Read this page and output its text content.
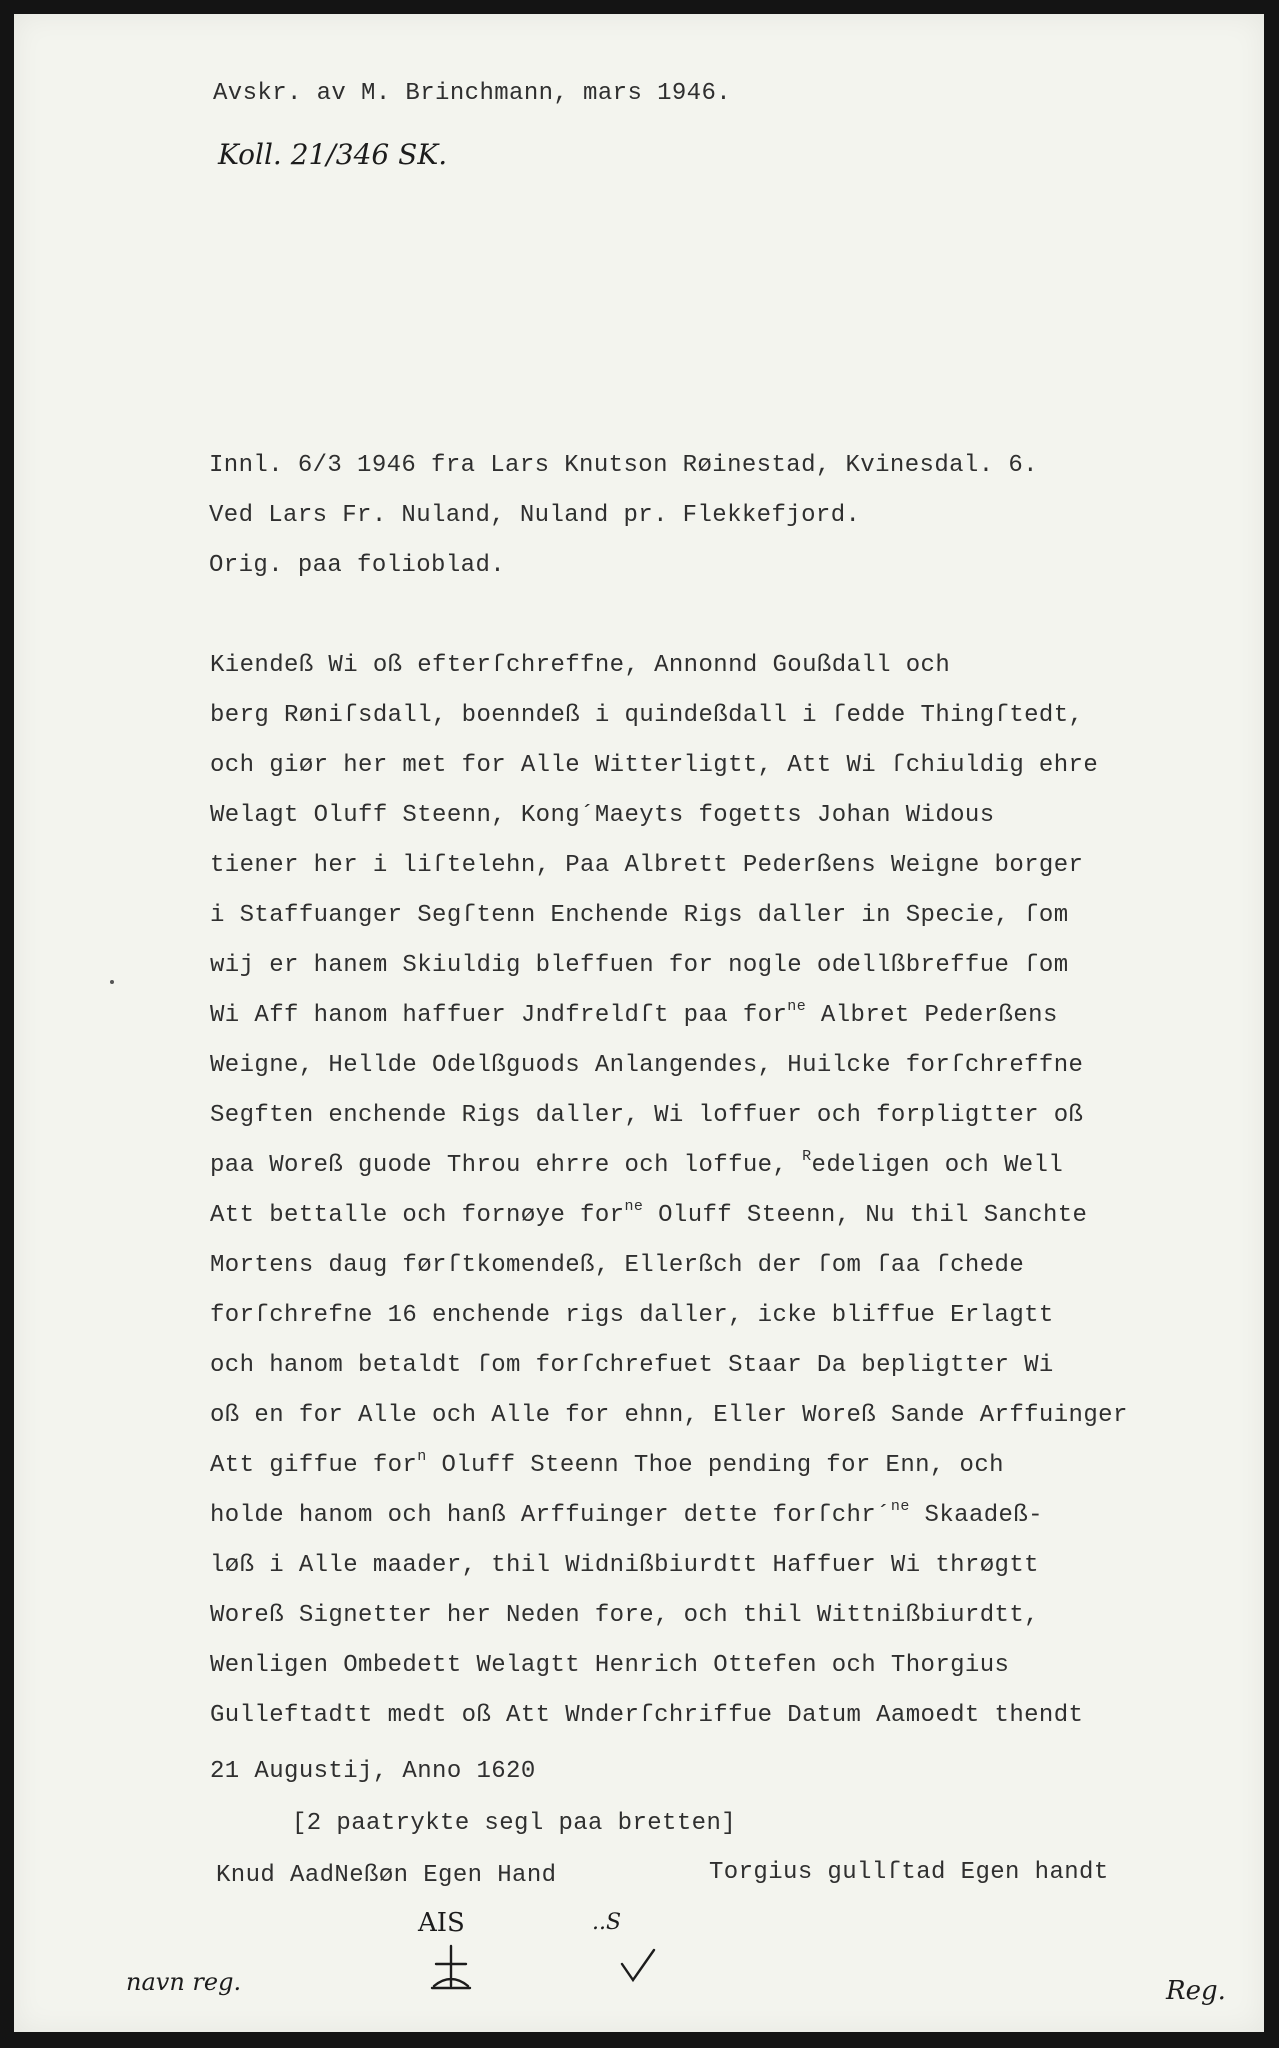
Avskr. av M. Brinchmann, mars 1946.
Koll. 21/346 SK.
Innl. 6/3 1946 fra Lars Knutson Røinestad, Kvinesdal. 6.
Ved Lars Fr. Nuland, Nuland pr. Flekkefjord.
Orig. paa folioblad.
Kiendeß Wi oß efterſchreffne, Annonnd Goußdall och
berg Røniſsdall, boenndeß i quindeßdall i ſedde Thingſtedt,
och giør her met for Alle Witterligtt, Att Wi ſchiuldig ehre
Welagt Oluff Steenn, Kong´Maeyts fogetts Johan Widous
tiener her i liſtelehn, Paa Albrett Pederßens Weigne borger
i Staffuanger Segſtenn Enchende Rigs daller in Specie, ſom
wij er hanem Skiuldig bleffuen for nogle odellßbreffue ſom
Wi Aff hanom haffuer Jndfreldſt paa for$^{ne}$ Albret Pederßens
Weigne, Hellde Odelßguods Anlangendes, Huilcke forſchreffne
Segften enchende Rigs daller, Wi loffuer och forpligtter oß
paa Woreß guode Throu ehrre och loffue, $^R$edeligen och Well
Att bettalle och fornøye for$^{ne}$ Oluff Steenn, Nu thil Sanchte
Mortens daug førſtkomendeß, Ellerßch der ſom ſaa ſchede
forſchrefne 16 enchende rigs daller, icke bliffue Erlagtt
och hanom betaldt ſom forſchrefuet Staar Da bepligtter Wi
oß en for Alle och Alle for ehnn, Eller Woreß Sande Arffuinger
Att giffue for$^n$ Oluff Steenn Thoe pending for Enn, och
holde hanom och hanß Arffuinger dette forſchr´$^{ne}$ Skaadeß-
løß i Alle maader, thil Widnißbiurdtt Haffuer Wi thrøgtt
Woreß Signetter her Neden fore, och thil Wittnißbiurdtt,
Wenligen Ombedett Welagtt Henrich Ottefen och Thorgius
Gulleftadtt medt oß Att Wnderſchriffue Datum Aamoedt thendt
21 Augustij, Anno 1620
[2 paatrykte segl paa bretten]
Knud AadNeßøn Egen Hand	Torgius gullſtad Egen handt
AIS	..S
navn reg.	Reg.
